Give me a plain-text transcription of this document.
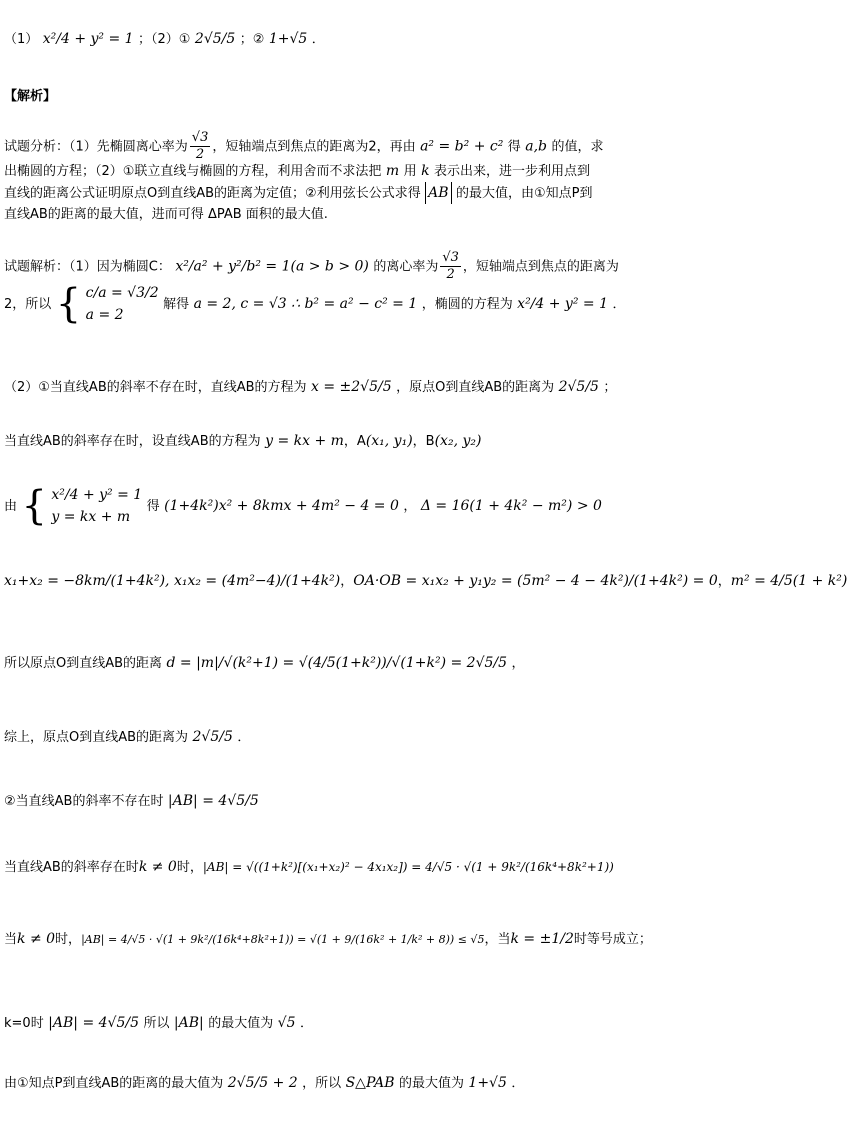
（1） x²/4 + y² = 1 ；（2）① 2√5/5 ；② 1+√5 ．
【解析】
试题分析：（1）先椭圆离心率为 $\frac{√3}{2}$ ，短轴端点到焦点的距离为2，再由 a² = b² + c² 得 a,b 的值，求
出椭圆的方程；（2）①联立直线与椭圆的方程，利用舍而不求法把 m 用 k 表示出来，进一步利用点到
直线的距离公式证明原点O到直线AB的距离为定值；②利用弦长公式求得 AB 的最大值，由①知点P到
直线AB的距离的最大值，进而可得 ΔPAB 面积的最大值.
试题解析：（1）因为椭圆C： x²/a² + y²/b² = 1(a > b > 0) 的离心率为 $\frac{√3}{2}$ ，短轴端点到焦点的距离为
2，所以 { c/a = √3/2
a = 2
解得 a = 2, c = √3 ∴ b² = a² − c² = 1 ，椭圆的方程为 x²/4 + y² = 1 ．
（2）①当直线AB的斜率不存在时，直线AB的方程为 x = ±2√5/5 ，原点O到直线AB的距离为 2√5/5 ；
当直线AB的斜率存在时，设直线AB的方程为 y = kx + m，A(x₁, y₁)，B(x₂, y₂)
由 { x²/4 + y² = 1
y = kx + m
得 (1+4k²)x² + 8kmx + 4m² − 4 = 0 ， Δ = 16(1 + 4k² − m²) > 0
x₁+x₂ = −8km/(1+4k²), x₁x₂ = (4m²−4)/(1+4k²)，OA·OB = x₁x₂ + y₁y₂ = (5m² − 4 − 4k²)/(1+4k²) = 0，m² = 4/5(1 + k²)
所以原点O到直线AB的距离 d = |m|/√(k²+1) = √(4/5(1+k²))/√(1+k²) = 2√5/5 ，
综上，原点O到直线AB的距离为 2√5/5 ．
②当直线AB的斜率不存在时 |AB| = 4√5/5
当直线AB的斜率存在时k ≠ 0时，|AB| = √((1+k²)[(x₁+x₂)² − 4x₁x₂]) = 4/√5 · √(1 + 9k²/(16k⁴+8k²+1))
当k ≠ 0时，|AB| = 4/√5 · √(1 + 9k²/(16k⁴+8k²+1)) = √(1 + 9/(16k² + 1/k² + 8)) ≤ √5，当k = ±1/2时等号成立；
k=0时 |AB| = 4√5/5 所以 |AB| 的最大值为 √5 ．
由①知点P到直线AB的距离的最大值为 2√5/5 + 2 ，所以 S△PAB 的最大值为 1+√5 ．
